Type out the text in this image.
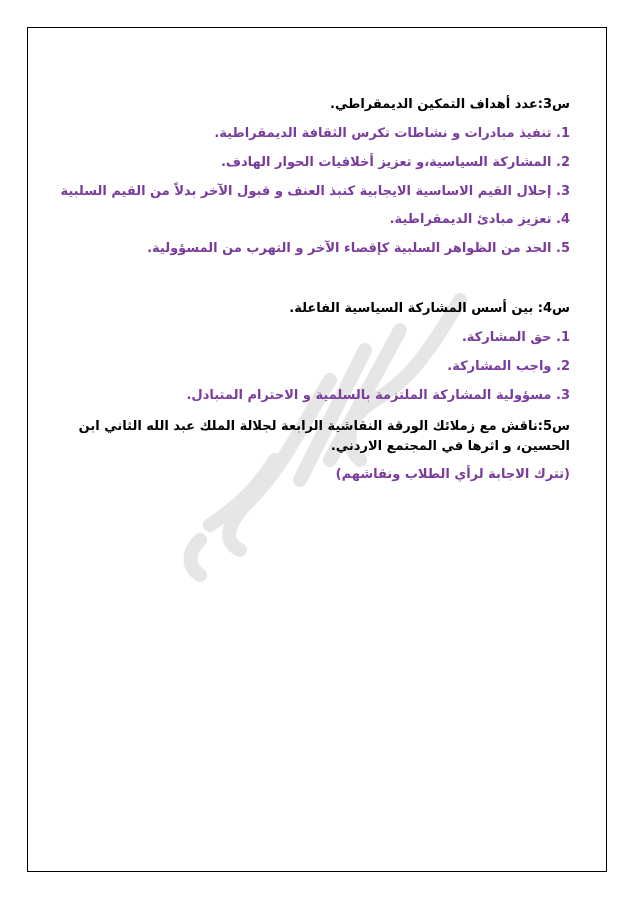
س3:عدد أهداف التمكين الديمقراطي.
1. تنفيذ مبادرات و نشاطات تكرس الثقافة الديمقراطية.
2. المشاركة السياسية،و تعزيز أخلاقيات الحوار الهادف.
3. إحلال القيم الاساسية الايجابية كنبذ العنف و قبول الآخر بدلاً من القيم السلبية
4. تعزيز مبادئ الديمقراطية.
5. الحد من الظواهر السلبية كإقصاء الآخر و التهرب من المسؤولية.
س4: بين أسس المشاركة السياسية الفاعلة.
1. حق المشاركة.
2. واجب المشاركة.
3. مسؤولية المشاركة الملتزمة بالسلمية و الاحترام المتبادل.
س5:ناقش مع زملائك الورقة النقاشية الرابعة لجلالة الملك عبد الله الثاني ابن الحسين، و اثرها في المجتمع الاردني.
(تترك الاجابة لرأي الطلاب ونقاشهم)
